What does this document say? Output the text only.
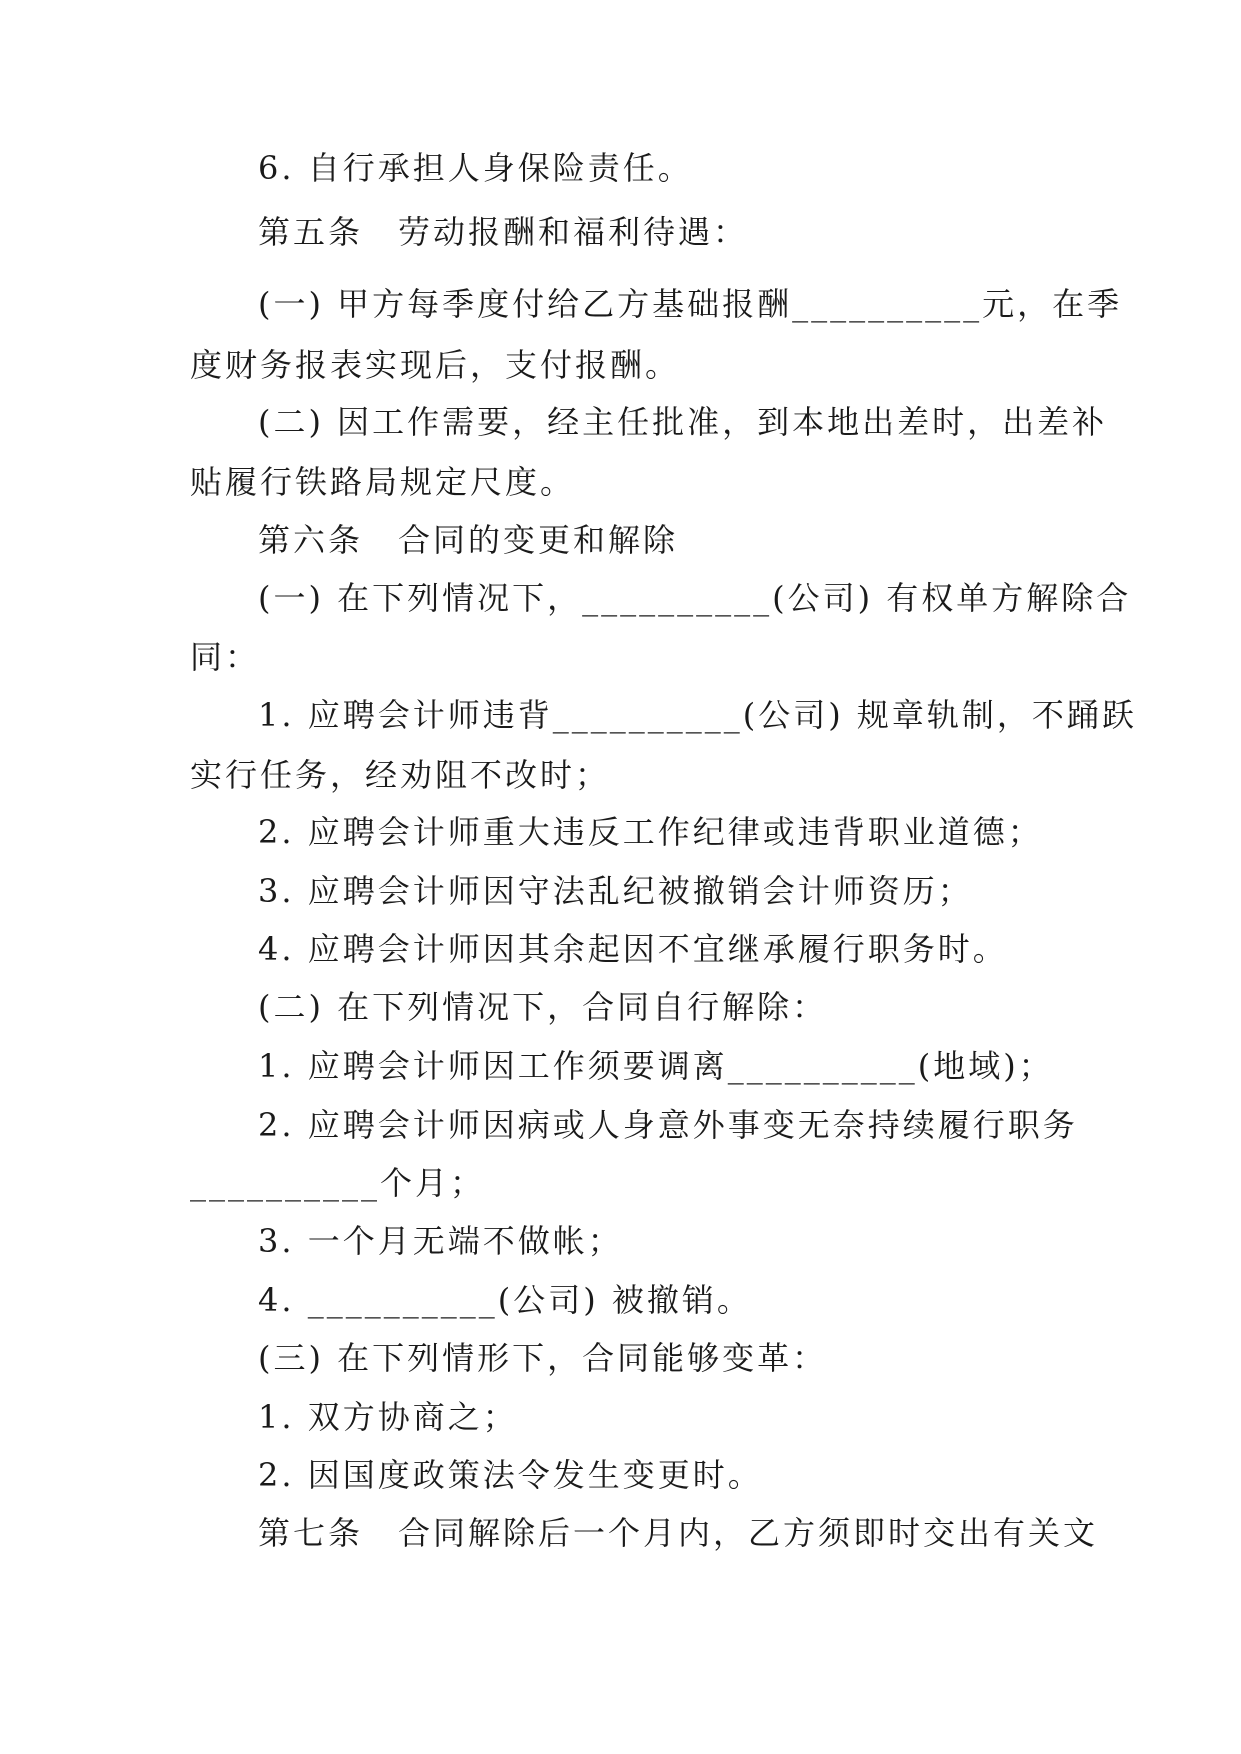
6. 自行承担人身保险责任。
第五条　劳动报酬和福利待遇：
(一) 甲方每季度付给乙方基础报酬__________元，在季
度财务报表实现后，支付报酬。
(二) 因工作需要，经主任批准，到本地出差时，出差补
贴履行铁路局规定尺度。
第六条　合同的变更和解除
(一) 在下列情况下，__________(公司) 有权单方解除合
同：
1. 应聘会计师违背__________(公司) 规章轨制，不踊跃
实行任务，经劝阻不改时；
2. 应聘会计师重大违反工作纪律或违背职业道德；
3. 应聘会计师因守法乱纪被撤销会计师资历；
4. 应聘会计师因其余起因不宜继承履行职务时。
(二) 在下列情况下，合同自行解除：
1. 应聘会计师因工作须要调离__________(地域)；
2. 应聘会计师因病或人身意外事变无奈持续履行职务
__________个月；
3. 一个月无端不做帐；
4. __________(公司) 被撤销。
(三) 在下列情形下，合同能够变革：
1. 双方协商之；
2. 因国度政策法令发生变更时。
第七条　合同解除后一个月内，乙方须即时交出有关文
